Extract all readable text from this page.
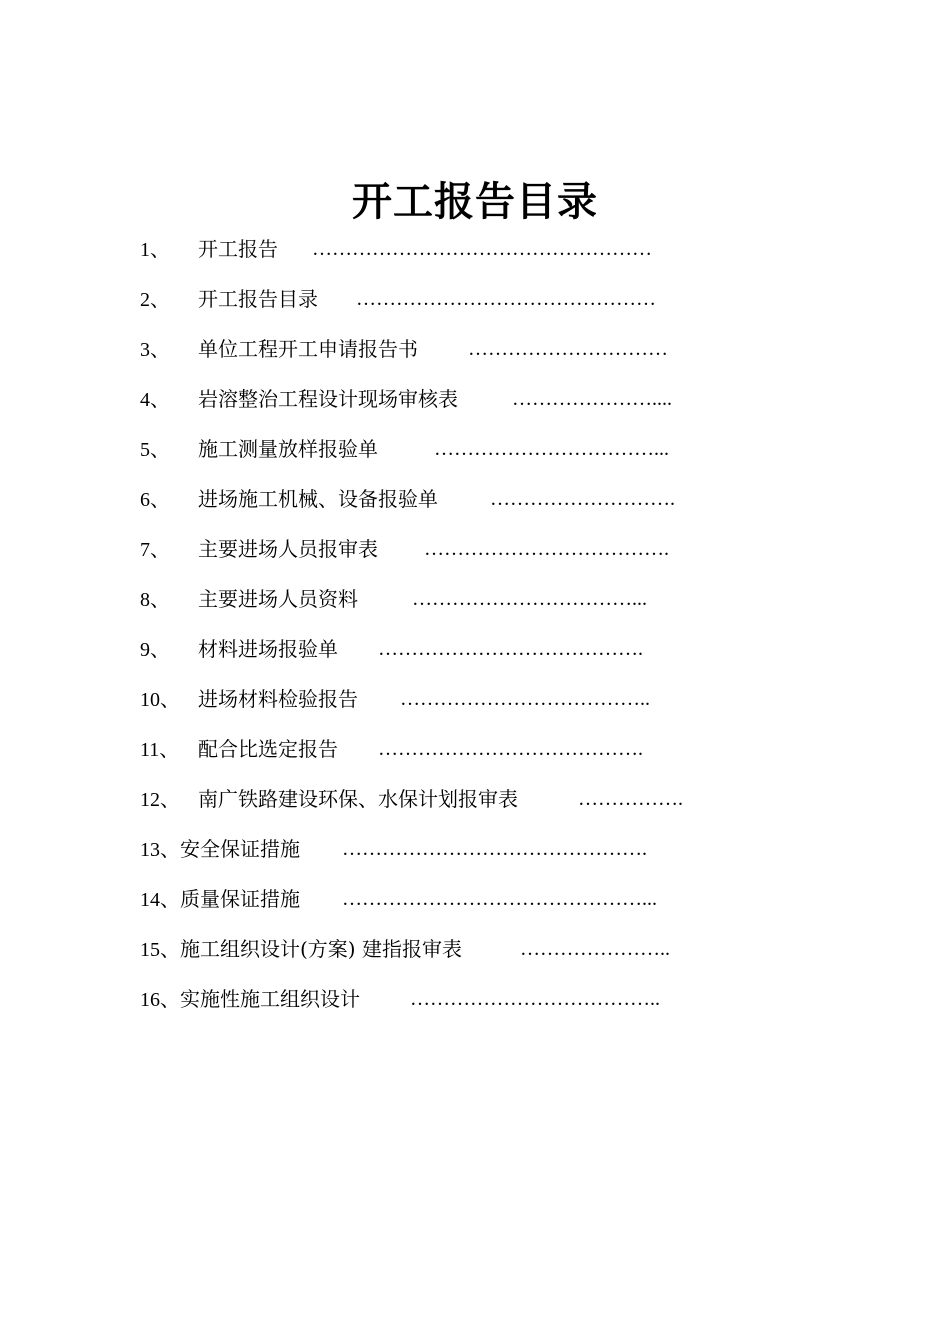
开工报告目录
1、 开工报告 ……………………………………………
2、 开工报告目录 ………………………………………
3、 单位工程开工申请报告书	…………………………
4、 岩溶整治工程设计现场审核表	…………………....
5、 施工测量放样报验单	……………………………...
6、 进场施工机械、设备报验单	……………………….
7、 主要进场人员报审表 ……………………………….
8、 主要进场人员资料	……………………………...
9、 材料进场报验单 ………………………………….
10、 进场材料检验报告 ………………………………..
11、 配合比选定报告 ………………………………….
12、 南广铁路建设环保、水保计划报审表	…………….
13、安全保证措施 ……………………………………….
14、质量保证措施 ………………………………………...
15、施工组织设计(方案) 建指报审表	…………………..
16、实施性施工组织设计	………………………………..
